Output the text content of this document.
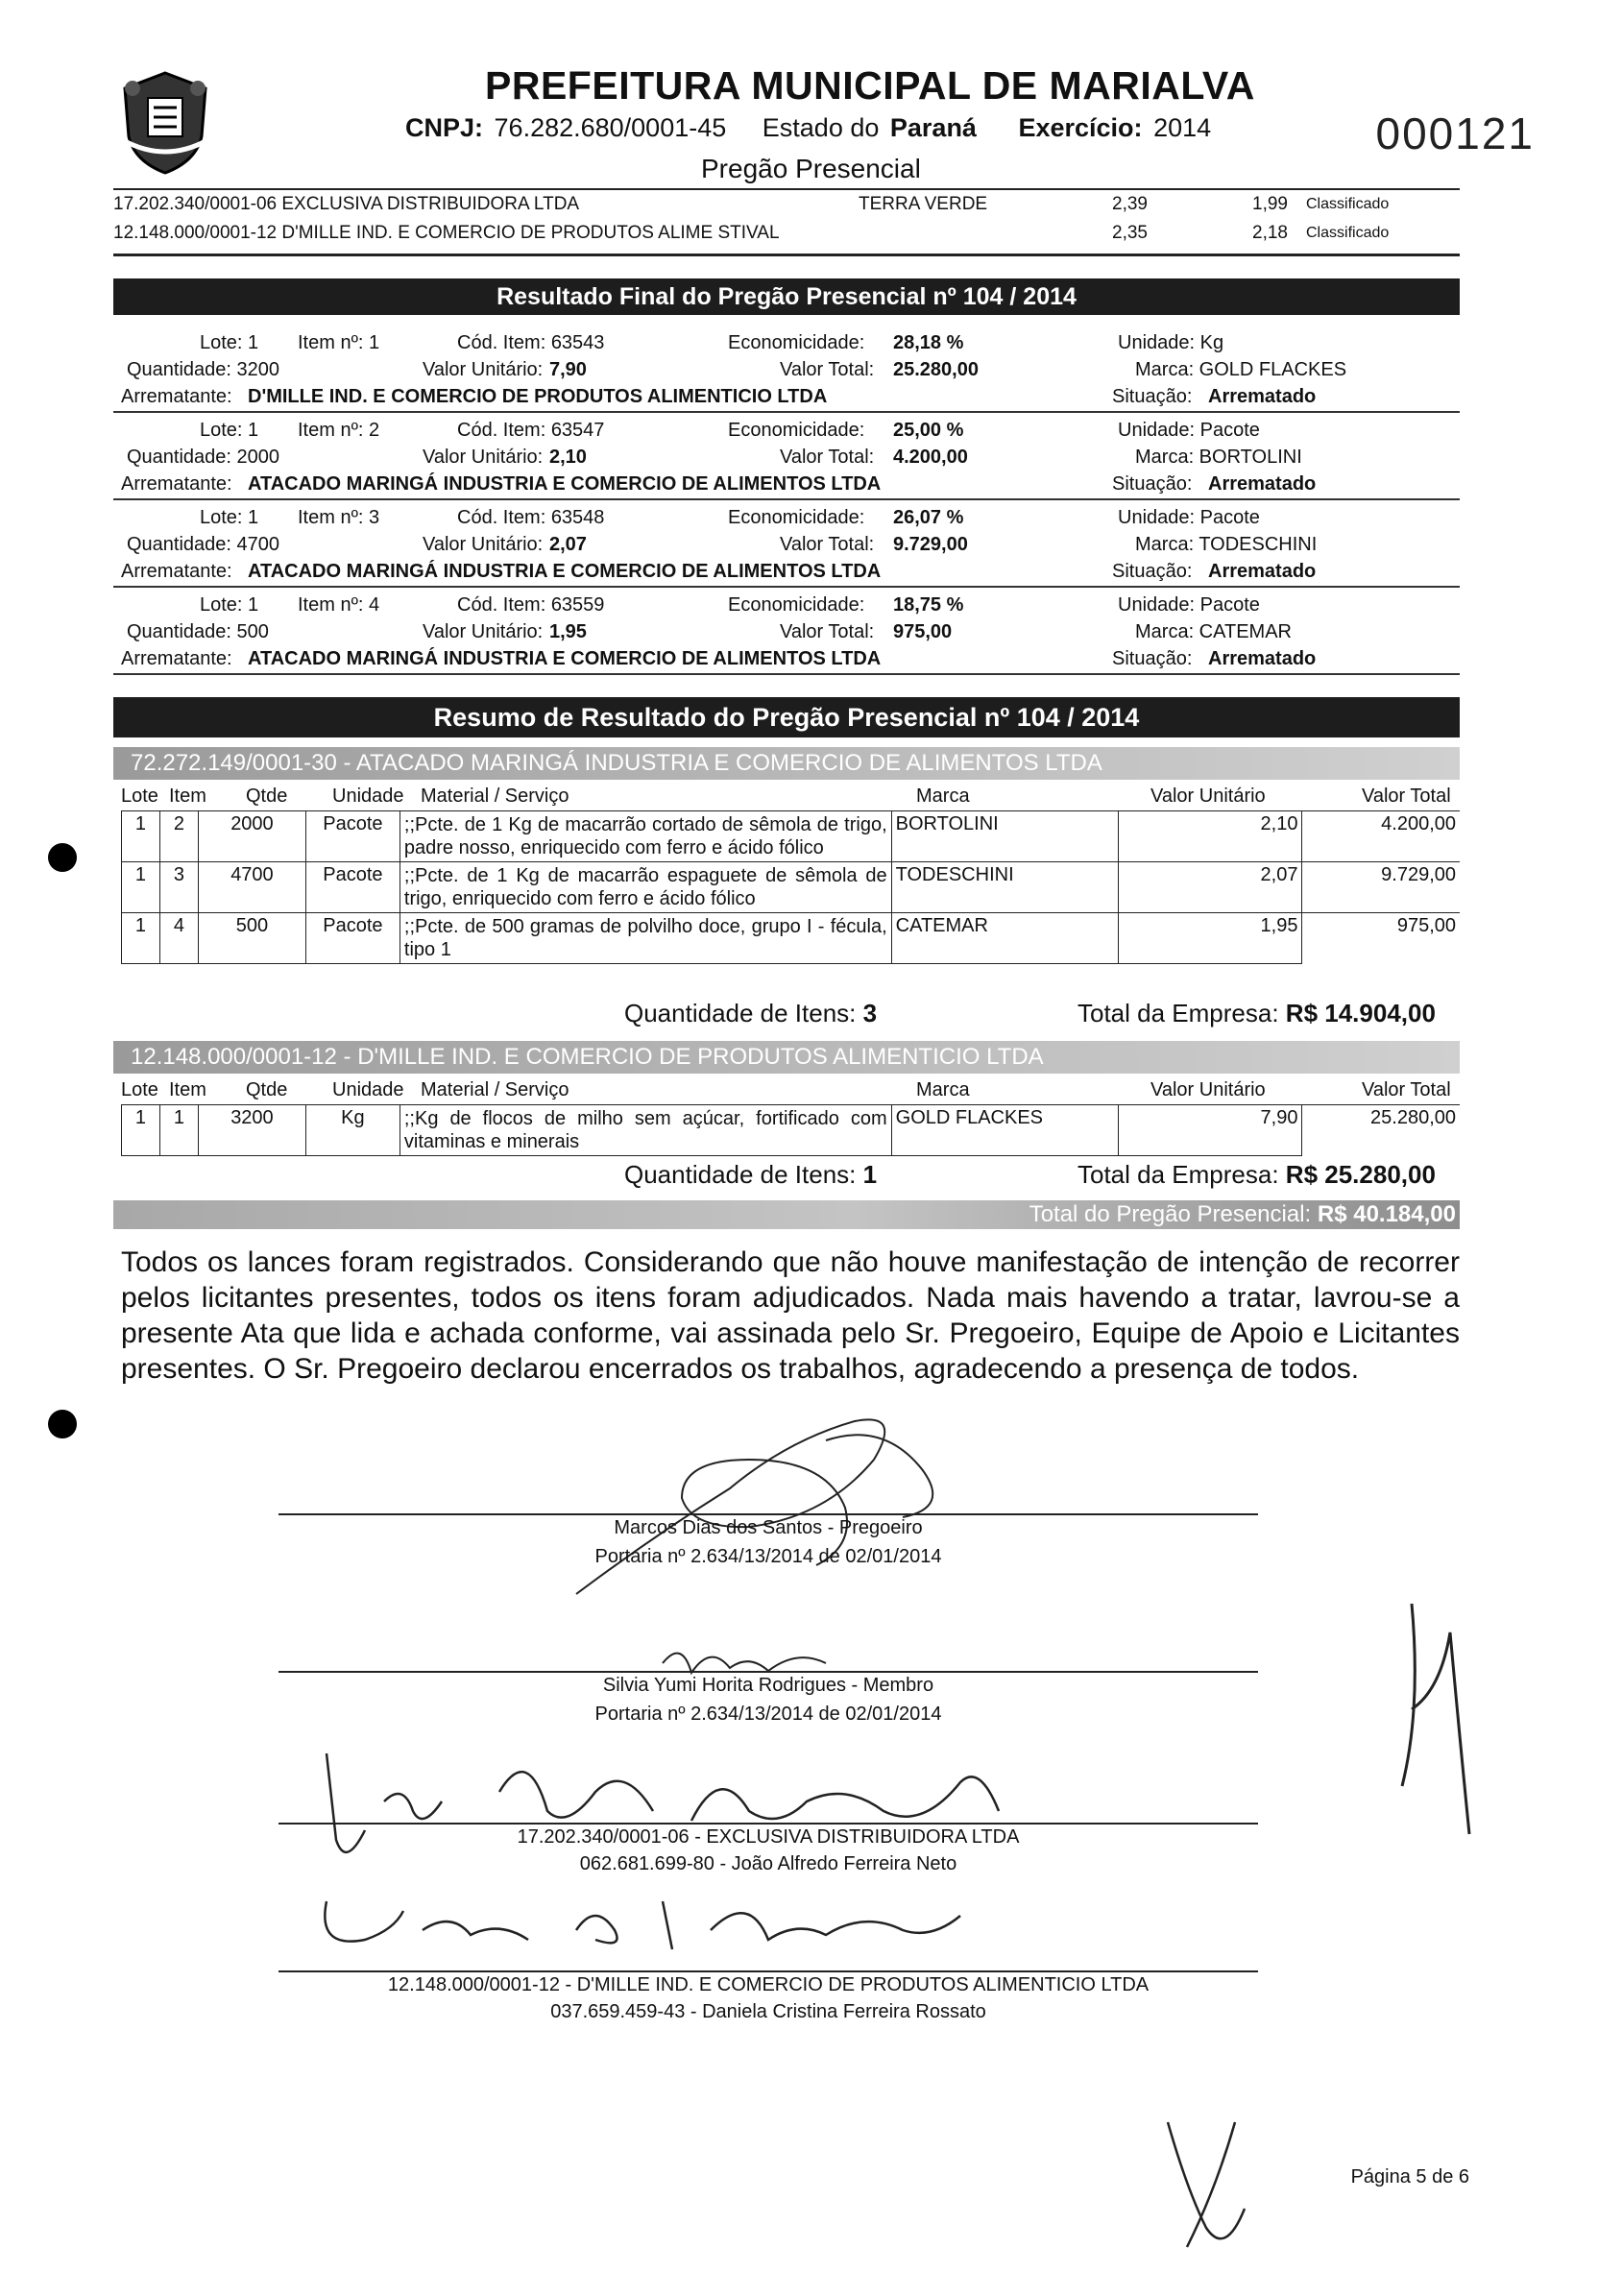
PREFEITURA MUNICIPAL DE MARIALVA
CNPJ: 76.282.680/0001-45 Estado do Paraná Exercício: 2014
Pregão Presencial
000121
17.202.340/0001-06 EXCLUSIVA DISTRIBUIDORA LTDA	TERRA VERDE	2,39	1,99 Classificado
12.148.000/0001-12 D'MILLE IND. E COMERCIO DE PRODUTOS ALIME STIVAL	2,35	2,18 Classificado
Resultado Final do Pregão Presencial nº 104 / 2014
Lote: 1 Item nº: 1	Cód. Item: 63543	Economicidade: 28,18 %	Unidade: Kg
Quantidade: 3200	Valor Unitário: 7,90	Valor Total: 25.280,00	Marca: GOLD FLACKES
Arrematante: D'MILLE IND. E COMERCIO DE PRODUTOS ALIMENTICIO LTDA	Situação: Arrematado
Lote: 1 Item nº: 2	Cód. Item: 63547	Economicidade: 25,00 %	Unidade: Pacote
Quantidade: 2000	Valor Unitário: 2,10	Valor Total: 4.200,00	Marca: BORTOLINI
Arrematante: ATACADO MARINGÁ INDUSTRIA E COMERCIO DE ALIMENTOS LTDA	Situação: Arrematado
Lote: 1 Item nº: 3	Cód. Item: 63548	Economicidade: 26,07 %	Unidade: Pacote
Quantidade: 4700	Valor Unitário: 2,07	Valor Total: 9.729,00	Marca: TODESCHINI
Arrematante: ATACADO MARINGÁ INDUSTRIA E COMERCIO DE ALIMENTOS LTDA	Situação: Arrematado
Lote: 1 Item nº: 4	Cód. Item: 63559	Economicidade: 18,75 %	Unidade: Pacote
Quantidade: 500	Valor Unitário: 1,95	Valor Total: 975,00	Marca: CATEMAR
Arrematante: ATACADO MARINGÁ INDUSTRIA E COMERCIO DE ALIMENTOS LTDA	Situação: Arrematado
Resumo de Resultado do Pregão Presencial nº 104 / 2014
72.272.149/0001-30 - ATACADO MARINGÁ INDUSTRIA E COMERCIO DE ALIMENTOS LTDA
Lote Item Qtde Unidade Material / Serviço	Marca	Valor Unitário	Valor Total
1	2	2000	Pacote	;;Pcte. de 1 Kg de macarrão cortado de sêmola de trigo, padre nosso, enriquecido com ferro e ácido fólico	BORTOLINI	2,10	4.200,00
1	3	4700	Pacote	;;Pcte. de 1 Kg de macarrão espaguete de sêmola de trigo, enriquecido com ferro e ácido fólico	TODESCHINI	2,07	9.729,00
1	4	500	Pacote	;;Pcte. de 500 gramas de polvilho doce, grupo I - fécula, tipo 1	CATEMAR	1,95	975,00
Quantidade de Itens: 3	Total da Empresa: R$ 14.904,00
12.148.000/0001-12 - D'MILLE IND. E COMERCIO DE PRODUTOS ALIMENTICIO LTDA
Lote Item Qtde Unidade Material / Serviço	Marca	Valor Unitário	Valor Total
1	1	3200	Kg	;;Kg de flocos de milho sem açúcar, fortificado com vitaminas e minerais	GOLD FLACKES	7,90	25.280,00
Quantidade de Itens: 1	Total da Empresa: R$ 25.280,00
Total do Pregão Presencial: R$ 40.184,00
Todos os lances foram registrados. Considerando que não houve manifestação de intenção de recorrer pelos licitantes presentes, todos os itens foram adjudicados. Nada mais havendo a tratar, lavrou-se a presente Ata que lida e achada conforme, vai assinada pelo Sr. Pregoeiro, Equipe de Apoio e Licitantes presentes. O Sr. Pregoeiro declarou encerrados os trabalhos, agradecendo a presença de todos.
Marcos Dias dos Santos - Pregoeiro
Portaria nº 2.634/13/2014 de 02/01/2014
Silvia Yumi Horita Rodrigues - Membro
Portaria nº 2.634/13/2014 de 02/01/2014
17.202.340/0001-06 - EXCLUSIVA DISTRIBUIDORA LTDA
062.681.699-80 - João Alfredo Ferreira Neto
12.148.000/0001-12 - D'MILLE IND. E COMERCIO DE PRODUTOS ALIMENTICIO LTDA
037.659.459-43 - Daniela Cristina Ferreira Rossato
Página 5 de 6
